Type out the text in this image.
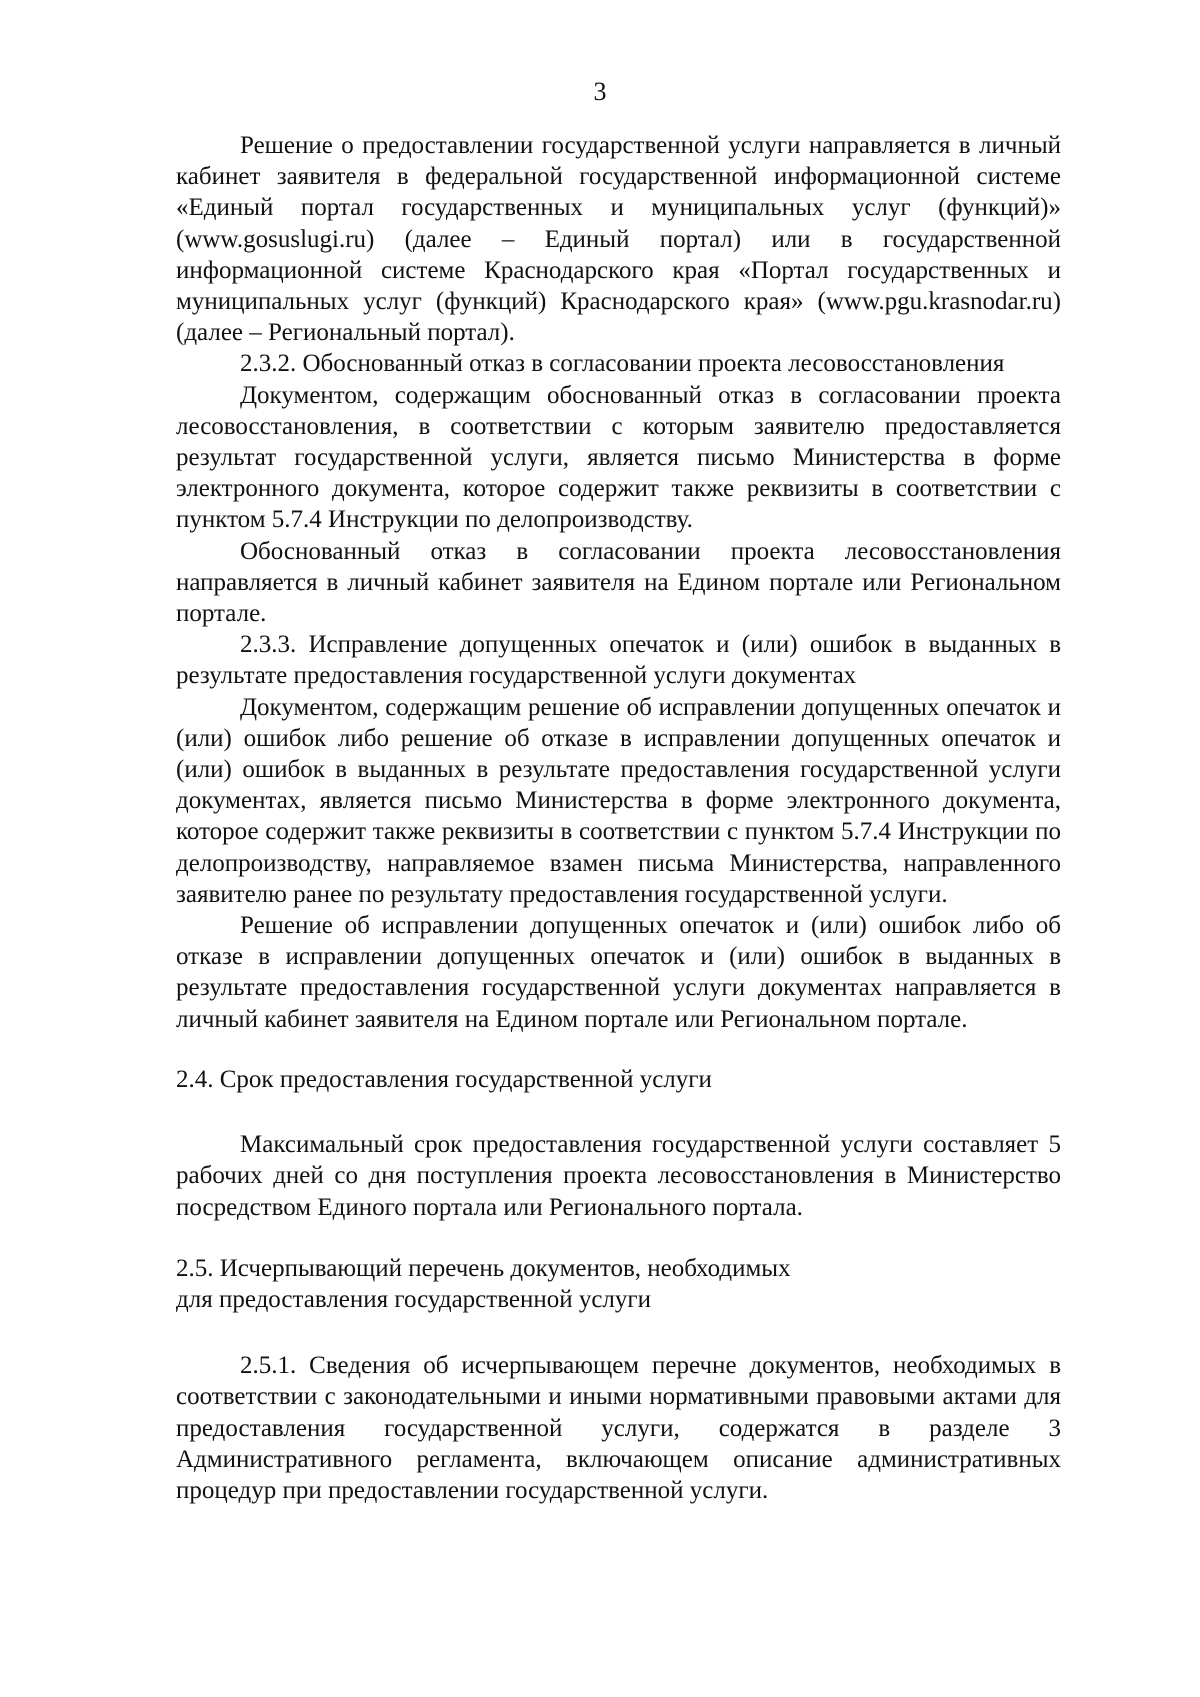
3

Решение о предоставлении государственной услуги направляется в личный кабинет заявителя в федеральной государственной информационной системе «Единый портал государственных и муниципальных услуг (функций)» (www.gosuslugi.ru) (далее – Единый портал) или в государственной информационной системе Краснодарского края «Портал государственных и муниципальных услуг (функций) Краснодарского края» (www.pgu.krasnodar.ru) (далее – Региональный портал).

2.3.2. Обоснованный отказ в согласовании проекта лесовосстановления

Документом, содержащим обоснованный отказ в согласовании проекта лесовосстановления, в соответствии с которым заявителю предоставляется результат государственной услуги, является письмо Министерства в форме электронного документа, которое содержит также реквизиты в соответствии с пунктом 5.7.4 Инструкции по делопроизводству.

Обоснованный отказ в согласовании проекта лесовосстановления направляется в личный кабинет заявителя на Едином портале или Региональном портале.

2.3.3. Исправление допущенных опечаток и (или) ошибок в выданных в результате предоставления государственной услуги документах

Документом, содержащим решение об исправлении допущенных опечаток и (или) ошибок либо решение об отказе в исправлении допущенных опечаток и (или) ошибок в выданных в результате предоставления государственной услуги документах, является письмо Министерства в форме электронного документа, которое содержит также реквизиты в соответствии с пунктом 5.7.4 Инструкции по делопроизводству, направляемое взамен письма Министерства, направленного заявителю ранее по результату предоставления государственной услуги.

Решение об исправлении допущенных опечаток и (или) ошибок либо об отказе в исправлении допущенных опечаток и (или) ошибок в выданных в результате предоставления государственной услуги документах направляется в личный кабинет заявителя на Едином портале или Региональном портале.

2.4. Срок предоставления государственной услуги

Максимальный срок предоставления государственной услуги составляет 5 рабочих дней со дня поступления проекта лесовосстановления в Министерство посредством Единого портала или Регионального портала.

2.5. Исчерпывающий перечень документов, необходимых
для предоставления государственной услуги

2.5.1. Сведения об исчерпывающем перечне документов, необходимых в соответствии с законодательными и иными нормативными правовыми актами для предоставления государственной услуги, содержатся в разделе 3 Административного регламента, включающем описание административных процедур при предоставлении государственной услуги.
